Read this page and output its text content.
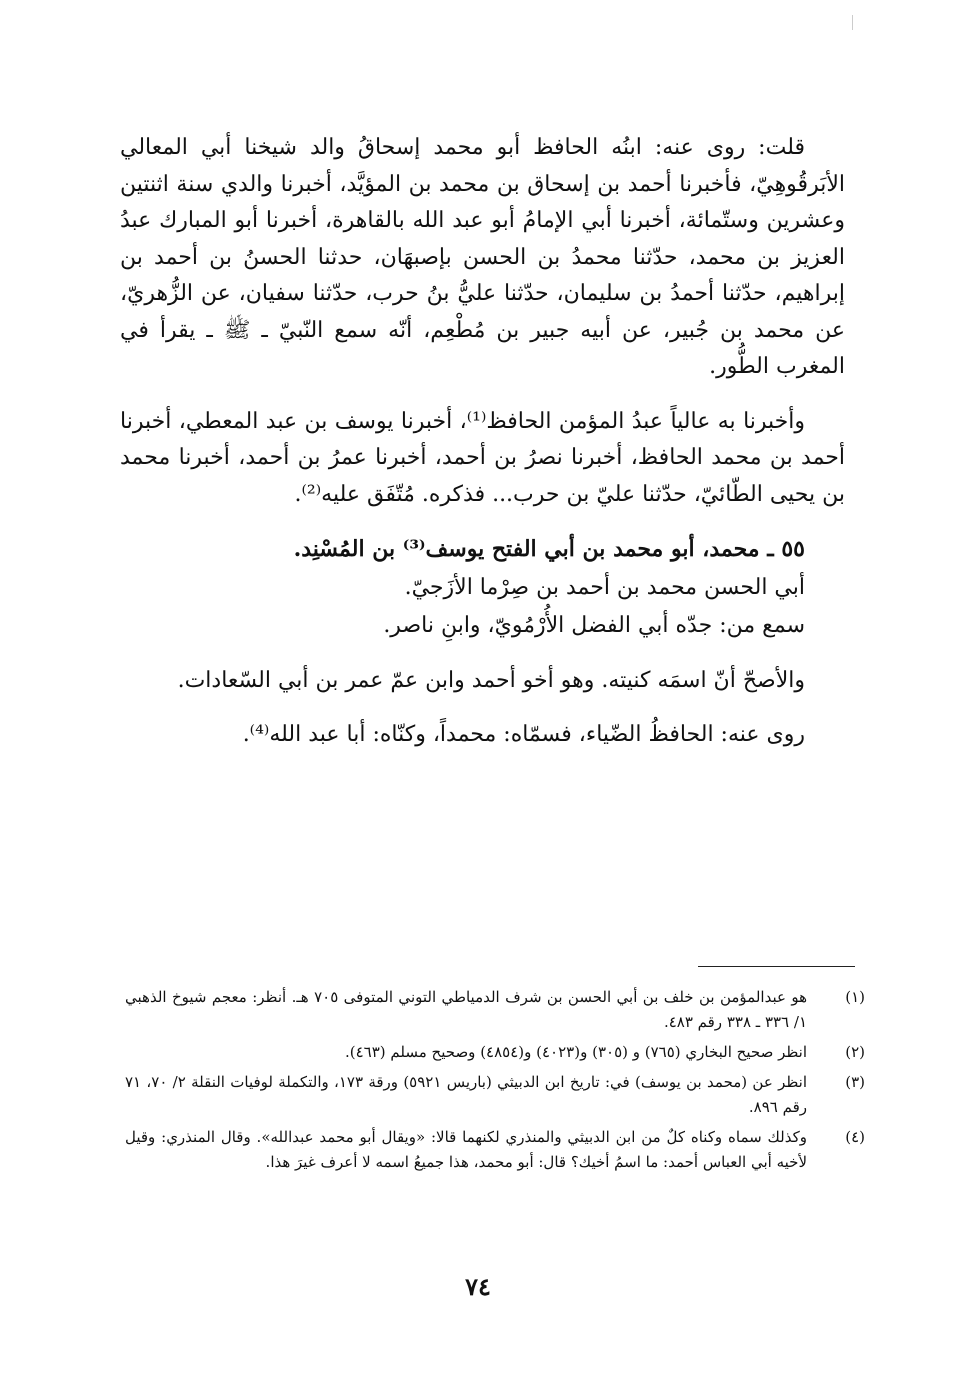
قلت: روى عنه: ابنُه الحافظ أبو محمد إسحاقُ والد شيخنا أبي المعالي الأبَرقُوهِيّ، فأخبرنا أحمد بن إسحاق بن محمد بن المؤيَّد، أخبرنا والدي سنة اثنتين وعشرين وستّمائة، أخبرنا أبي الإمامُ أبو عبد الله بالقاهرة، أخبرنا أبو المبارك عبدُ العزيز بن محمد، حدّثنا محمدُ بن الحسن بإصبهَان، حدثنا الحسنُ بن أحمد بن إبراهيم، حدّثنا أحمدُ بن سليمان، حدّثنا عليُّ بنُ حرب، حدّثنا سفيان، عن الزُّهريّ، عن محمد بن جُبير، عن أبيه جبير بن مُطْعِم، أنّه سمع النّبيّ ـ ﷺ ـ يقرأ في المغرب الطُّور.

وأخبرنا به عالياً عبدُ المؤمن الحافظ⁽¹⁾، أخبرنا يوسف بن عبد المعطي، أخبرنا أحمد بن محمد الحافظ، أخبرنا نصرُ بن أحمد، أخبرنا عمرُ بن أحمد، أخبرنا محمد بن يحيى الطّائيّ، حدّثنا عليّ بن حرب... فذكره. مُتّفَق عليه⁽²⁾.

٥٥ ـ محمد، أبو محمد بن أبي الفتح يوسف⁽³⁾ بن المُسْنِد.

أبي الحسن محمد بن أحمد بن صِرْما الأزَجيّ.

سمع من: جدّه أبي الفضل الأُرْمُويّ، وابنِ ناصر.

والأصحّ أنّ اسمَه كنيته. وهو أخو أحمد وابن عمّ عمر بن أبي السّعادات.

روى عنه: الحافظُ الضّياء، فسمّاه: محمداً، وكنّاه: أبا عبد الله⁽⁴⁾.

(١)
هو عبدالمؤمن بن خلف بن أبي الحسن بن شرف الدمياطي التوني المتوفى ٧٠٥ هـ. أنظر: معجم شيوخ الذهبي ١/ ٣٣٦ ـ ٣٣٨ رقم ٤٨٣.
(٢)
انظر صحيح البخاري (٧٦٥) و (٣٠٥) و(٤٠٢٣) و(٤٨٥٤) وصحيح مسلم (٤٦٣).
(٣)
انظر عن (محمد بن يوسف) في: تاريخ ابن الدبيثي (باريس ٥٩٢١) ورقة ١٧٣، والتكملة لوفيات النقلة ٢/ ٧٠، ٧١ رقم ٨٩٦.
(٤)
وكذلك سماه وكناه كلٌ من ابن الدبيثي والمنذري لكنهما قالا: «ويقال أبو محمد عبدالله». وقال المنذري: وقيل لأخيه أبي العباس أحمد: ما اسمُ أخيك؟ قال: أبو محمد، هذا جميعُ اسمه لا أعرف غيرَ هذا.
٧٤
